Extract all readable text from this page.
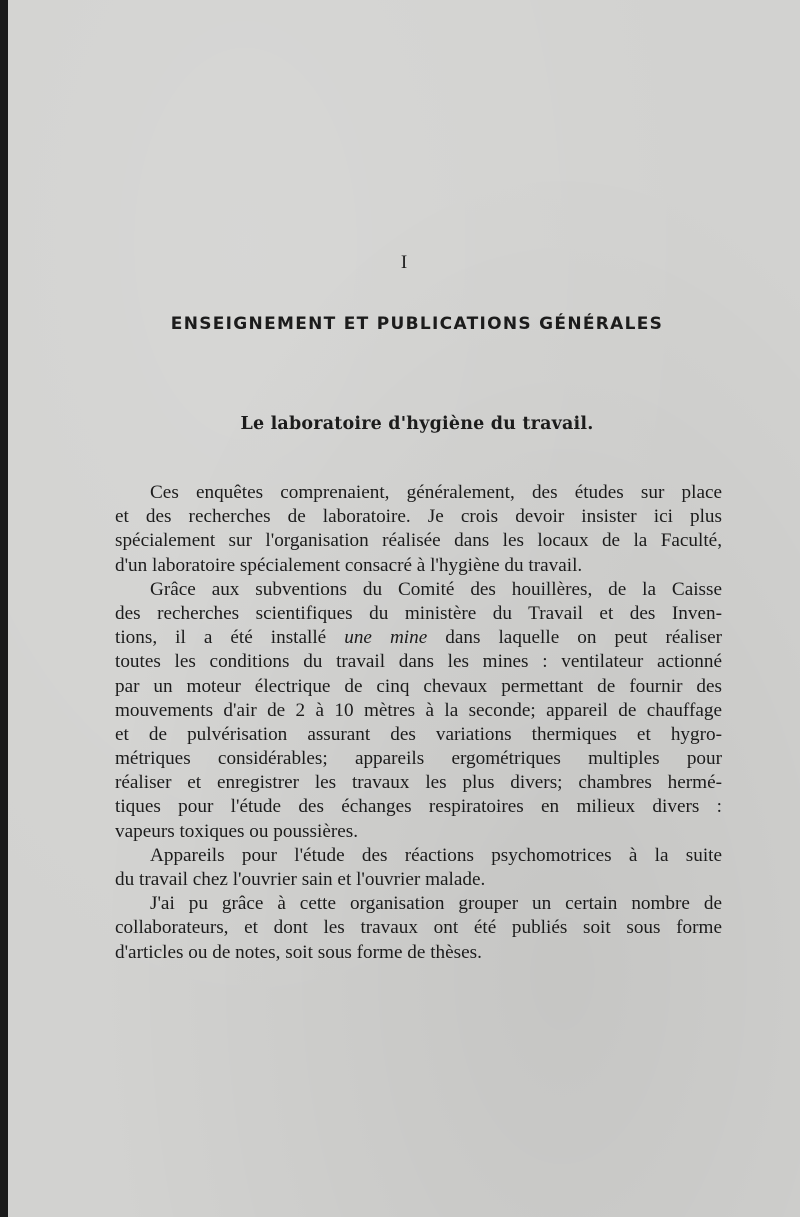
I
ENSEIGNEMENT ET PUBLICATIONS GÉNÉRALES
Le laboratoire d'hygiène du travail.
Ces enquêtes comprenaient, généralement, des études sur place
et des recherches de laboratoire. Je crois devoir insister ici plus
spécialement sur l'organisation réalisée dans les locaux de la Faculté,
d'un laboratoire spécialement consacré à l'hygiène du travail.
Grâce aux subventions du Comité des houillères, de la Caisse
des recherches scientifiques du ministère du Travail et des Inven-
tions, il a été installé une mine dans laquelle on peut réaliser
toutes les conditions du travail dans les mines : ventilateur actionné
par un moteur électrique de cinq chevaux permettant de fournir des
mouvements d'air de 2 à 10 mètres à la seconde; appareil de chauffage
et de pulvérisation assurant des variations thermiques et hygro-
métriques considérables; appareils ergométriques multiples pour
réaliser et enregistrer les travaux les plus divers; chambres hermé-
tiques pour l'étude des échanges respiratoires en milieux divers :
vapeurs toxiques ou poussières.
Appareils pour l'étude des réactions psychomotrices à la suite
du travail chez l'ouvrier sain et l'ouvrier malade.
J'ai pu grâce à cette organisation grouper un certain nombre de
collaborateurs, et dont les travaux ont été publiés soit sous forme
d'articles ou de notes, soit sous forme de thèses.
